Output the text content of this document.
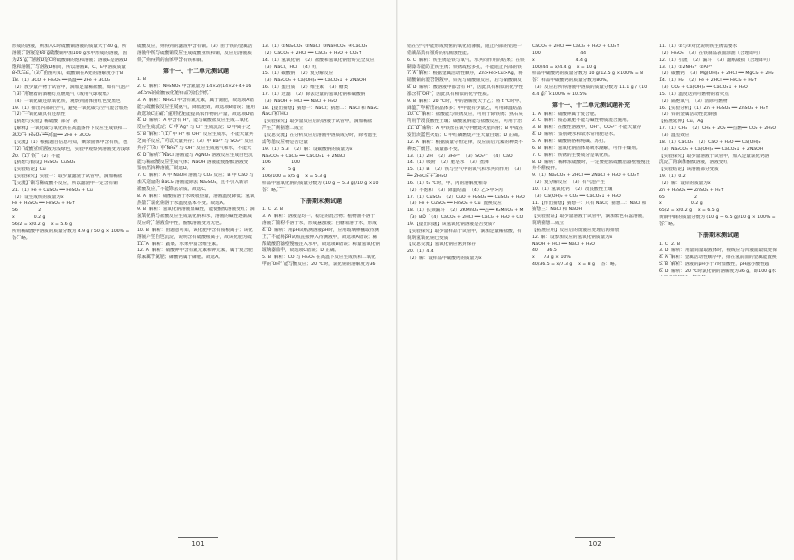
形成的溶液，则加入C时硫酸铜溶液的质量大于40 g，所
溶液；溶液是60 g硫酸铜中加100 g水中形成的溶液，因
为25 g，溶液D是C时硫酸铜的饱和溶液；溶液E是溶液D
饱和溶液，与溶液D相同，所以溶液B、C、E中溶质质量
B<C=E。（3）由图可知，硫酸铜在A处的溶解度小于B
18.（1）3CO + Fe₂O₃ ══高温══ 2Fe + 3CO₂
（2）放少量产物于试管中，滴加足量稀盐酸，如有气泡产
（3）用燃着的酒精灯点燃尾气（或用气球收集）
（4）一氧化碳还原氧化铁，观察到固体由红色变黑色
19.（1）排出内部的空气，避免一氧化碳与空气混合加热
（2）一氧化碳具有还原性
【猜想与实验】稀硫酸  部分  表
【解释】一氧化碳与氧化铁在高温条件下反应生成铁和二
3CO + Fe₂O₃ ══高温══ 2Fe + 3CO₂
【交流】（1）根据题目信息可知，剩余固体中含有铁，也
（2）硫酸亚铁溶液为浅绿色，实验中观察到溶液变为浅绿
20.（1）铁  （2）不能
【猜想与假设】H₂SO₄  CuSO₄
【实验结论】Cu
【实验探究】实验一：取少量滤渣于试管中，滴加稀盐
【交流】铜与稀硫酸不反应，所以滤渣中一定含有铜
21.（1）Fe + CuSO₄ ══ FeSO₄ + Cu
（2）设生成铁的质量为x
Fe + H₂SO₄ ══ FeSO₄ + H₂↑
56              2
x             0.2 g
56/2 = x/0.2 g    x = 5.6 g
所用稀硫酸中溶质的质量分数为 4.9 g / 50 g × 100% =
答：略。
硫酸反应，则得到的滤渣中含有铜。（3）由于铁的金属活
溶液中铁与硫酸铜反应生成硫酸亚铁和铜，反应后溶液质
铁，则得到的固体中含有铁和铜。
第十一、十二单元测试题
1. B
2. C  解析：NH₄NO₃ 中含氮量为 14×2/(14×2+4+16
34.5%的硝酸铵化肥样品为混合物。
3. A  解析：NH₄Cl 中含有氮元素，属于氮肥，故选项A错
能与硫酸铵反应生成氨气，降低肥效，故选项B错误；施用
故选项C正确；施用化肥能提高农作物的产量，故选项D错
4. D  解析：A 中含有 H⁺，能与碳酸盐反应生成二氧化
反应生成沉淀；C 中 Ag⁺ 与 Cl⁻ 生成沉淀；D 中离子之
5. B  解析：（1）中 H⁺ 和 OH⁻ 反应生成水，不能大量共
之间不反应，可以大量共存；（3）中 Ba²⁺ 与 SO₄²⁻ 反应
共存；（4）中 NH₄⁺ 与 OH⁻ 反应生成氨气和水，不能大
6. D  解析：NaCl 溶液能与 AgNO₃ 溶液反应生成白色沉
能与稀盐酸反应生成气体；NaOH 溶液能使酚酞溶液变
鉴别出四种溶液，故选D。
7. C  解析：A 中 NaOH 溶液与 CO₂ 反应；B 中 CaO 与
加入适量的 BaCl₂ 溶液能除去 Na₂SO₄，且不引入新杂
盐酸反应，不能除去杂质。故选C。
8. A  解析：硝酸铵溶于水吸收热量，溶液温度降低；氢氧
热量；氯化钠溶于水温度基本不变。故选A。
9. B  解析：氢氧化钠溶液显碱性，能使酚酞溶液变红；滴
氢氧化钠与盐酸反应生成氯化钠和水，溶液的碱性逐渐减
反应时，溶液显中性，酚酞溶液变为无色。
10. B  解析：由题意可知，该化肥中含有铵根离子；该化
溶液产生白色沉淀，说明含有硫酸根离子，故该化肥为硫
11. A  解析：蔬菜、水果中富含维生素。
12. A  解析：硝酸钾中含有氮元素和钾元素，属于复合肥
尿素属于氮肥；磷酸钙属于磷肥。故选A。
13.（1）①Na₂CO₃  ②NaCl  ③NaHCO₃  ④CaCO₃
（2）CaCO₃ + 2HCl ══ CaCl₂ + H₂O + CO₂↑
14.（1）氢氧化钠  （2）盐酸和氢氧化钠恰好完全反应
（3）NaCl、HCl  （4）红
15.（1）碳酸钠  （2）复分解反应
（3）Na₂CO₃ + Ca(OH)₂ ══ CaCO₃↓ + 2NaOH
16.（1）蛋白质  （2）维生素  （3）糖类
17.（1）过滤  （2）除去过量的氢氧化钠和碳酸钠
（3）NaOH + HCl ══ NaCl + H₂O
18.【提出猜想】猜想一：NaCl；猜想二：NaCl 和 Na₂C
NaCl 和 HCl
【实验探究】取少量反应后的溶液于试管中，滴加稀盐
产生，则猜想二成立
【反思交流】在分析反应后溶液中溶质成分时，除考虑生
需考虑反应物是否过量
19.（1）5.3  （2）解：设碳酸钠的质量为x
Na₂CO₃ + CaCl₂ ══ CaCO₃↓ + 2NaCl
106              100
x                5 g
106/100 = x/5 g    x = 5.3 g
样品中氢氧化钠的质量分数为 (10 g − 5.3 g)/10 g ×10
答：略。
下册期末测试题
1. C  2. B
3. A  解析：溶液是均一、稳定的混合物；植物油不溶于
溶液；面粉不溶于水，形成悬浊液；白糖易溶于水，形成
4. D  解析：用pH试纸测溶液pH时，应用玻璃棒蘸取待测
上，不能将pH试纸直接伸入待测液中，故选项A错误；稀
浓硫酸沿器壁慢慢注入水中，故选项B错误；称量氢氧化钠
玻璃器皿中，故选项C错误；D 正确。
5. B  解析：CO 与 Fe₂O₃ 在高温下反应生成铁和二氧化
中的 OH⁻ 能与酸反应；20 ℃时，氯化钠的溶解度为36
101
铝在空气中能形成致密的氧化铝薄膜，阻止内部的铝进一
铝制品具有很好的抗腐蚀性能。
6. C  解析：铁生锈是铁与氧气、水共同作用的结果；在铁
刷漆等能防止铁生锈；铁锈疏松多孔，不能阻止内部的铁
7. A  解析：根据金属活动性顺序，Zn>Fe>Cu>Ag，将
硝酸铜的混合溶液中，锌先与硝酸银反应，后与硝酸铜反
8. D  解析：酸溶液中都含有 H⁺，因此具有相似的化学性
都含有 OH⁻，因此具有相似的化学性质。
9. B  解析：20 ℃时，甲的溶解度大于乙；将 t ℃时甲、
降温，甲析出的晶体多；甲中混有少量乙，可用降温结晶
10. C  解析：盐酸能与铁锈反应，可用于除铁锈；熟石灰
可用于改良酸性土壤；碳酸氢钠能与盐酸反应，可用于治
11. D  解析：A 中铁丝在氧气中燃烧火星四射；B 中硫在
发出淡蓝色火焰；C 中红磷燃烧产生大量白烟；D 正确。
12. A  解析：根据质量守恒定律，反应前后元素的种类不
种类、数目、质量都不变。
13.（1）2H  （2）3Fe²⁺  （3）SO₄²⁻  （4）CaO
14.（1）吸附  （2）肥皂水  （3）煮沸
15.（1）B  （2）铁与空气中的氧气和水共同作用  （3）
══ 2FeCl₃ + 3H₂O
16.（1）t₁ ℃时，甲、丙的溶解度相等
（2）不饱和  （3）降温结晶  （4）乙>甲>丙
17.（1）CuSO₄  （2）CuO + H₂SO₄ ══ CuSO₄ + H₂O
（3）Fe + CuSO₄ ══ FeSO₄ + Cu  置换反应
18.（1）长颈漏斗  （2）2KMnO₄ ══△══ K₂MnO₄ + M
（3）BD  （4）CaCO₃ + 2HCl ══ CaCl₂ + H₂O + CO
19.【提出问题】该氢氧化钠溶液是否变质？
【实验探究】取少量样品于试管中，滴加足量稀盐酸，有
说明氢氧化钠已变质
【反思交流】氢氧化钠应密封保存
20.（1）4.4
（2）解：设样品中碳酸钙的质量为x
CaCO₃ + 2HCl ══ CaCl₂ + H₂O + CO₂↑
100                           44
x                            4.4 g
100/44 = x/4.4 g    x = 10 g
样品中碳酸钙的质量分数为 10 g/12.5 g ×100% = 8
答：样品中碳酸钙的质量分数为80%。
（3）反应后所得溶液中溶质的质量分数为 11.1 g /（10
4.4 g）×100% ≈ 10.5%
第十一、十二单元测试题补充
1. A  解析：硝酸钾属于复合肥。
2. C  解析：铵态氮肥不能与碱性物质混合施用。
3. B  解析：在酸性溶液中，OH⁻、CO₃²⁻ 不能大量存
4. D  解析：鉴别硬水和软水常用肥皂水。
5. A  解析：碳酸钠俗称纯碱、苏打。
6. B  解析：氢氧化钠固体易吸水潮解，可作干燥剂。
7. C  解析：铁锈的主要成分是氧化铁。
8. D  解析：稀释浓硫酸时，一定要把浓硫酸沿器壁慢慢注
并不断搅拌。
9.（1）Na₂CO₃ + 2HCl ══ 2NaCl + H₂O + CO₂↑
（2）复分解反应  （3）有气泡产生
10.（1）氢氧化钙  （2）改良酸性土壤
（3）Ca(OH)₂ + CO₂ ══ CaCO₃↓ + H₂O
11.【作出猜想】猜想一：只有 NaCl；猜想二：NaCl 和
猜想三：NaCl 和 NaOH
【实验验证】取少量溶液于试管中，滴加紫色石蕊溶液，
说明猜想二成立
【拓展应用】反应后的废液应处理后再排放
12. 解：设参加反应的氢氧化钠质量为x
NaOH + HCl ══ NaCl + H₂O
40      36.5
x      73 g × 10%
40/36.5 = x/7.3 g    x = 8 g    答：略。
11.（1）②与③对比说明铁生锈需要水
（2）Fe₂O₃  （3）在铁制品表面涂油（合理即可）
12.（1）引流  （2）漏斗  （3）滤纸破损（合理即可）
13.（1）①2NH₄⁺  ②Al³⁺
（2）碳酸钙  （3）Mg(OH)₂ + 2HCl ══ MgCl₂ + 2H₂
14.（1）H₂  （2）Fe + 2HCl ══ FeCl₂ + H₂↑
（3）CO₂ + Ca(OH)₂ ══ CaCO₃↓ + H₂O
15.（1）温度达到可燃物的着火点
（2）隔绝氧气  （3）清除可燃物
16.【实验分析】（1）Zn + H₂SO₄ ══ ZnSO₄ + H₂↑
（2）锌的金属活动性比铜强
【拓展延伸】Cu、Ag
17.（1）CH₄  （2）CH₄ + 2O₂ ══点燃══ CO₂ + 2H₂O
（3）温室效应
18.（1）CaCO₃  （2）CaO + H₂O ══ Ca(OH)₂
（3）Na₂CO₃ + Ca(OH)₂ ══ CaCO₃↓ + 2NaOH
【实验探究】取少量溶液于试管中，加入足量氯化钙溶
沉淀，再滴加酚酞溶液，溶液变红
【实验结论】该溶液部分变质
19.（1）0.2
（2）解：设锌的质量为x
Zn + H₂SO₄ ══ ZnSO₄ + H₂↑
65                    2
x                    0.2 g
65/2 = x/0.2 g    x = 6.5 g
黄铜中铜的质量分数为 (10 g − 6.5 g)/10 g × 100% =
答：略。
下册期末测试题
1. C  2. B
3. D  解析：用量筒量取液体时，视线应与凹液面最低处保
4. A  解析：金属活动性顺序中，排在氢前面的金属能置换
5. B  解析：溶液的pH小于7时显酸性，pH越小酸性越
6. D  解析：20 ℃时氯化钠的溶解度为36 g，即100 g水
102
